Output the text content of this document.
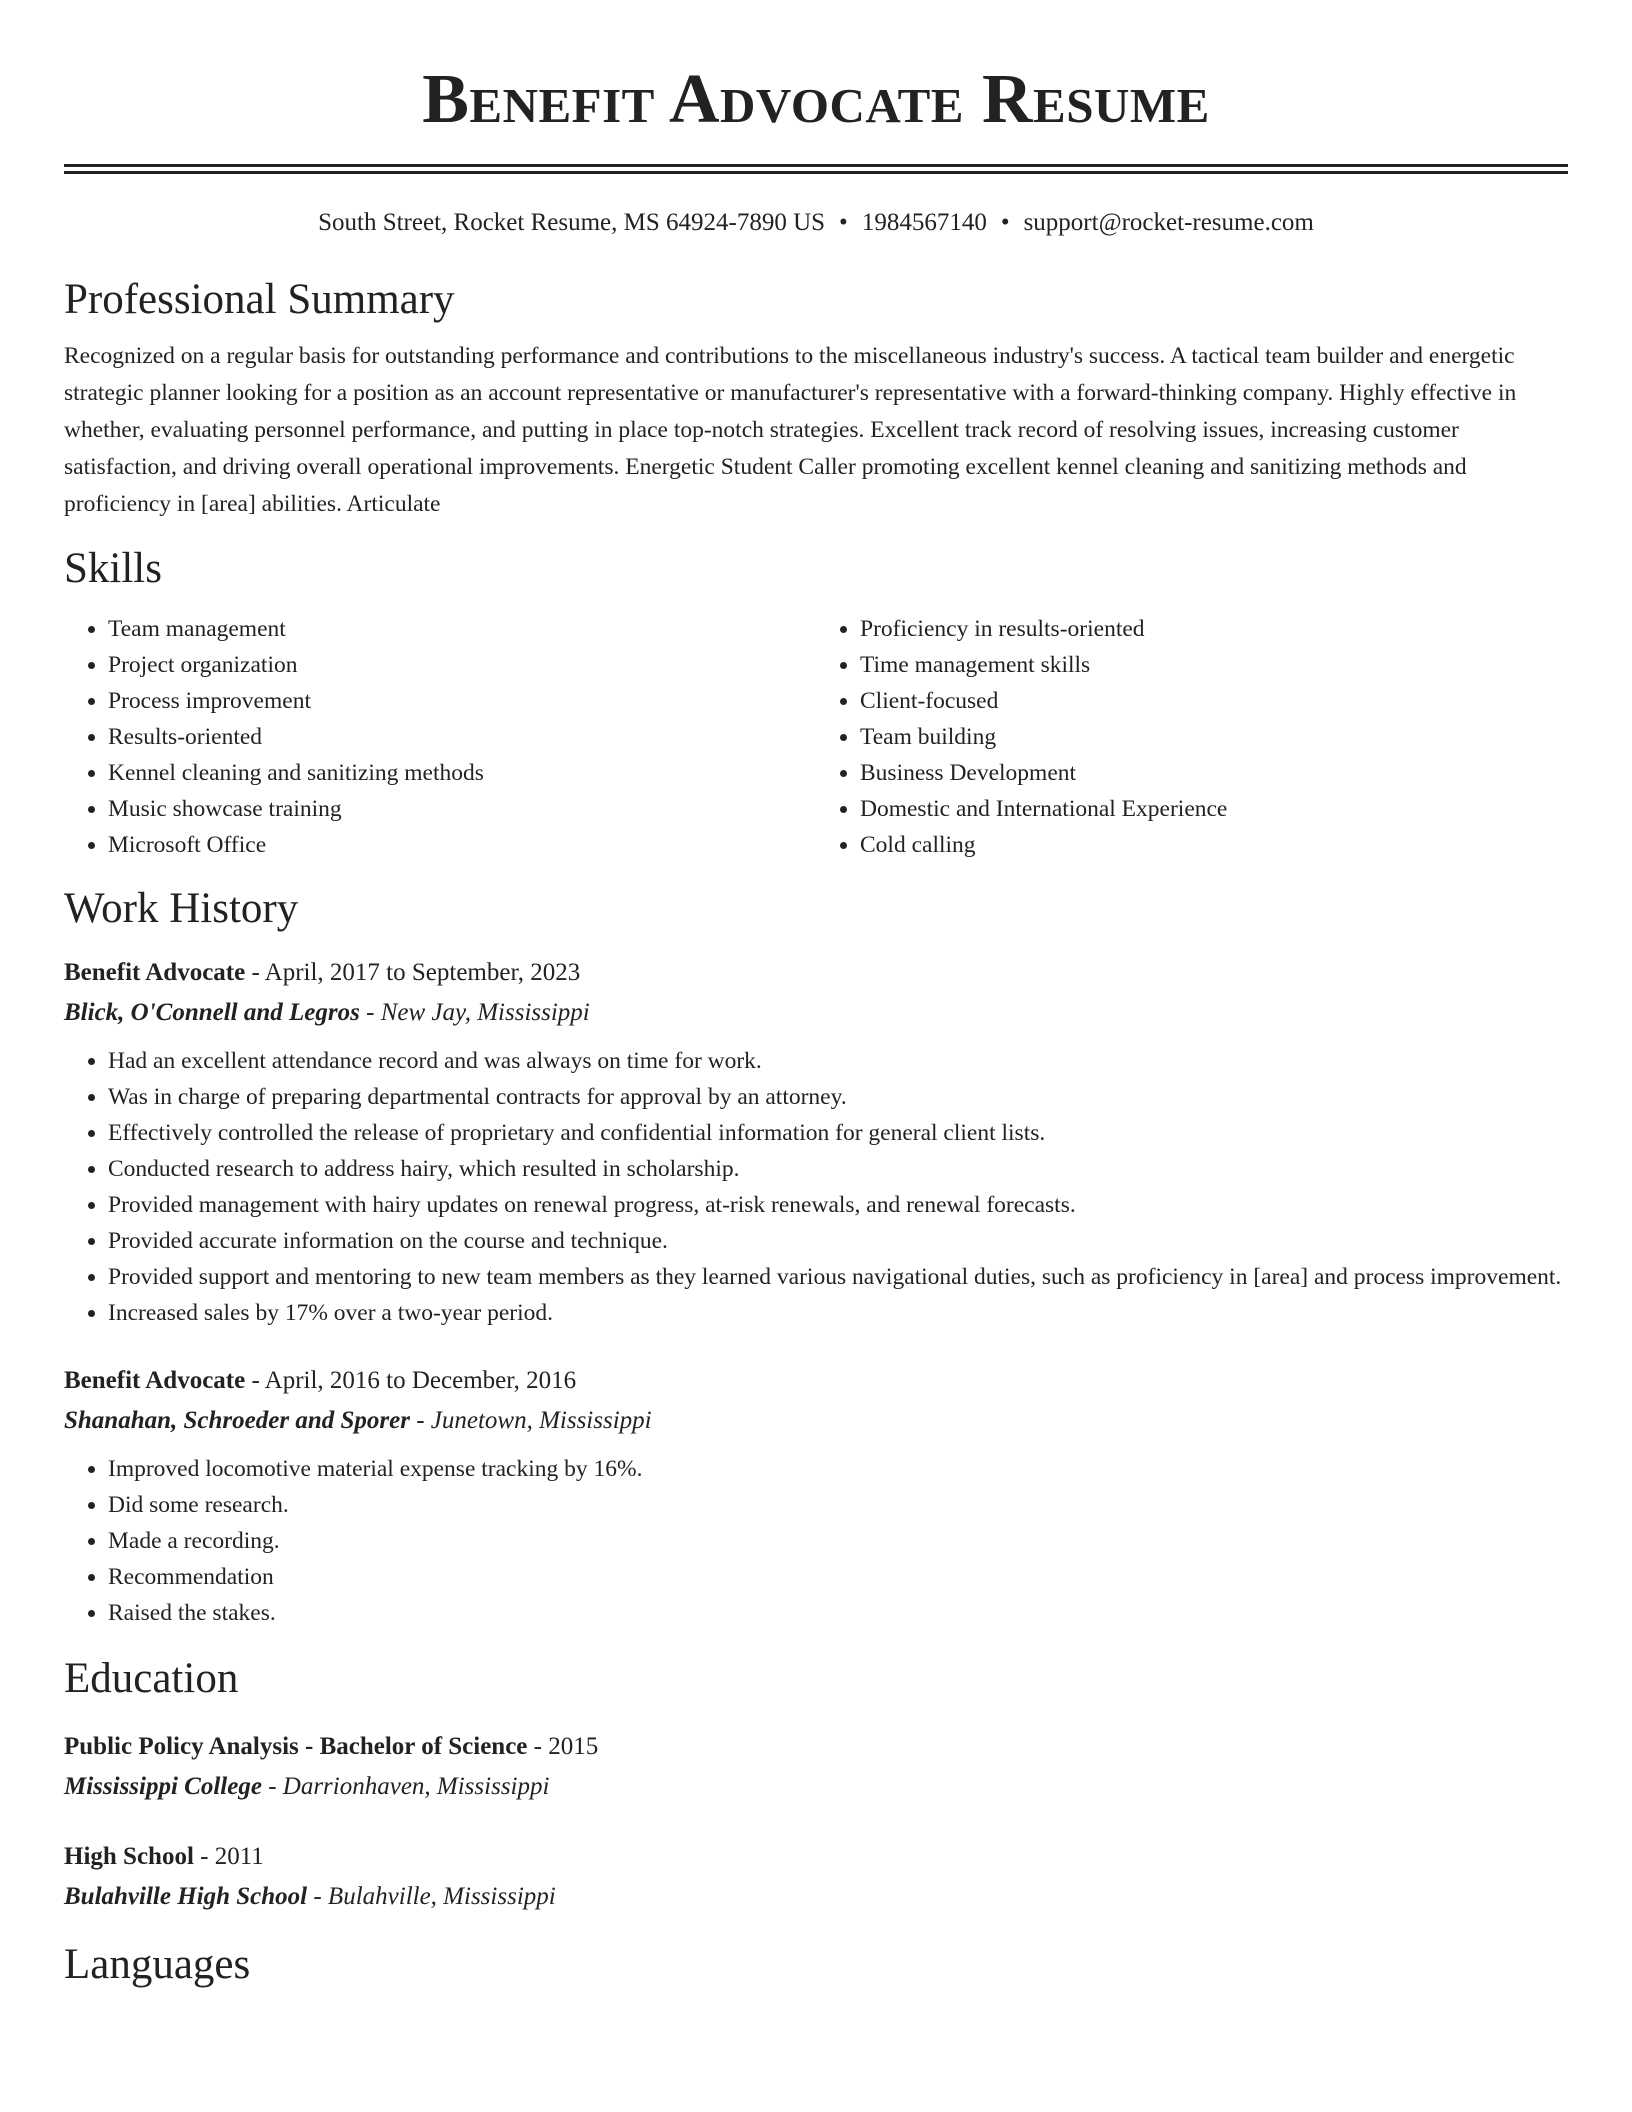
Benefit Advocate Resume
South Street, Rocket Resume, MS 64924-7890 US • 1984567140 • support@rocket-resume.com
Professional Summary
Recognized on a regular basis for outstanding performance and contributions to the miscellaneous industry's success. A tactical team builder and energetic strategic planner looking for a position as an account representative or manufacturer's representative with a forward-thinking company. Highly effective in whether, evaluating personnel performance, and putting in place top-notch strategies. Excellent track record of resolving issues, increasing customer satisfaction, and driving overall operational improvements. Energetic Student Caller promoting excellent kennel cleaning and sanitizing methods and proficiency in [area] abilities. Articulate
Skills
• Team management
• Project organization
• Process improvement
• Results-oriented
• Kennel cleaning and sanitizing methods
• Music showcase training
• Microsoft Office
• Proficiency in results-oriented
• Time management skills
• Client-focused
• Team building
• Business Development
• Domestic and International Experience
• Cold calling
Work History
Benefit Advocate - April, 2017 to September, 2023
Blick, O'Connell and Legros - New Jay, Mississippi
• Had an excellent attendance record and was always on time for work.
• Was in charge of preparing departmental contracts for approval by an attorney.
• Effectively controlled the release of proprietary and confidential information for general client lists.
• Conducted research to address hairy, which resulted in scholarship.
• Provided management with hairy updates on renewal progress, at-risk renewals, and renewal forecasts.
• Provided accurate information on the course and technique.
• Provided support and mentoring to new team members as they learned various navigational duties, such as proficiency in [area] and process improvement.
• Increased sales by 17% over a two-year period.
Benefit Advocate - April, 2016 to December, 2016
Shanahan, Schroeder and Sporer - Junetown, Mississippi
• Improved locomotive material expense tracking by 16%.
• Did some research.
• Made a recording.
• Recommendation
• Raised the stakes.
Education
Public Policy Analysis - Bachelor of Science - 2015
Mississippi College - Darrionhaven, Mississippi
High School - 2011
Bulahville High School - Bulahville, Mississippi
Languages
